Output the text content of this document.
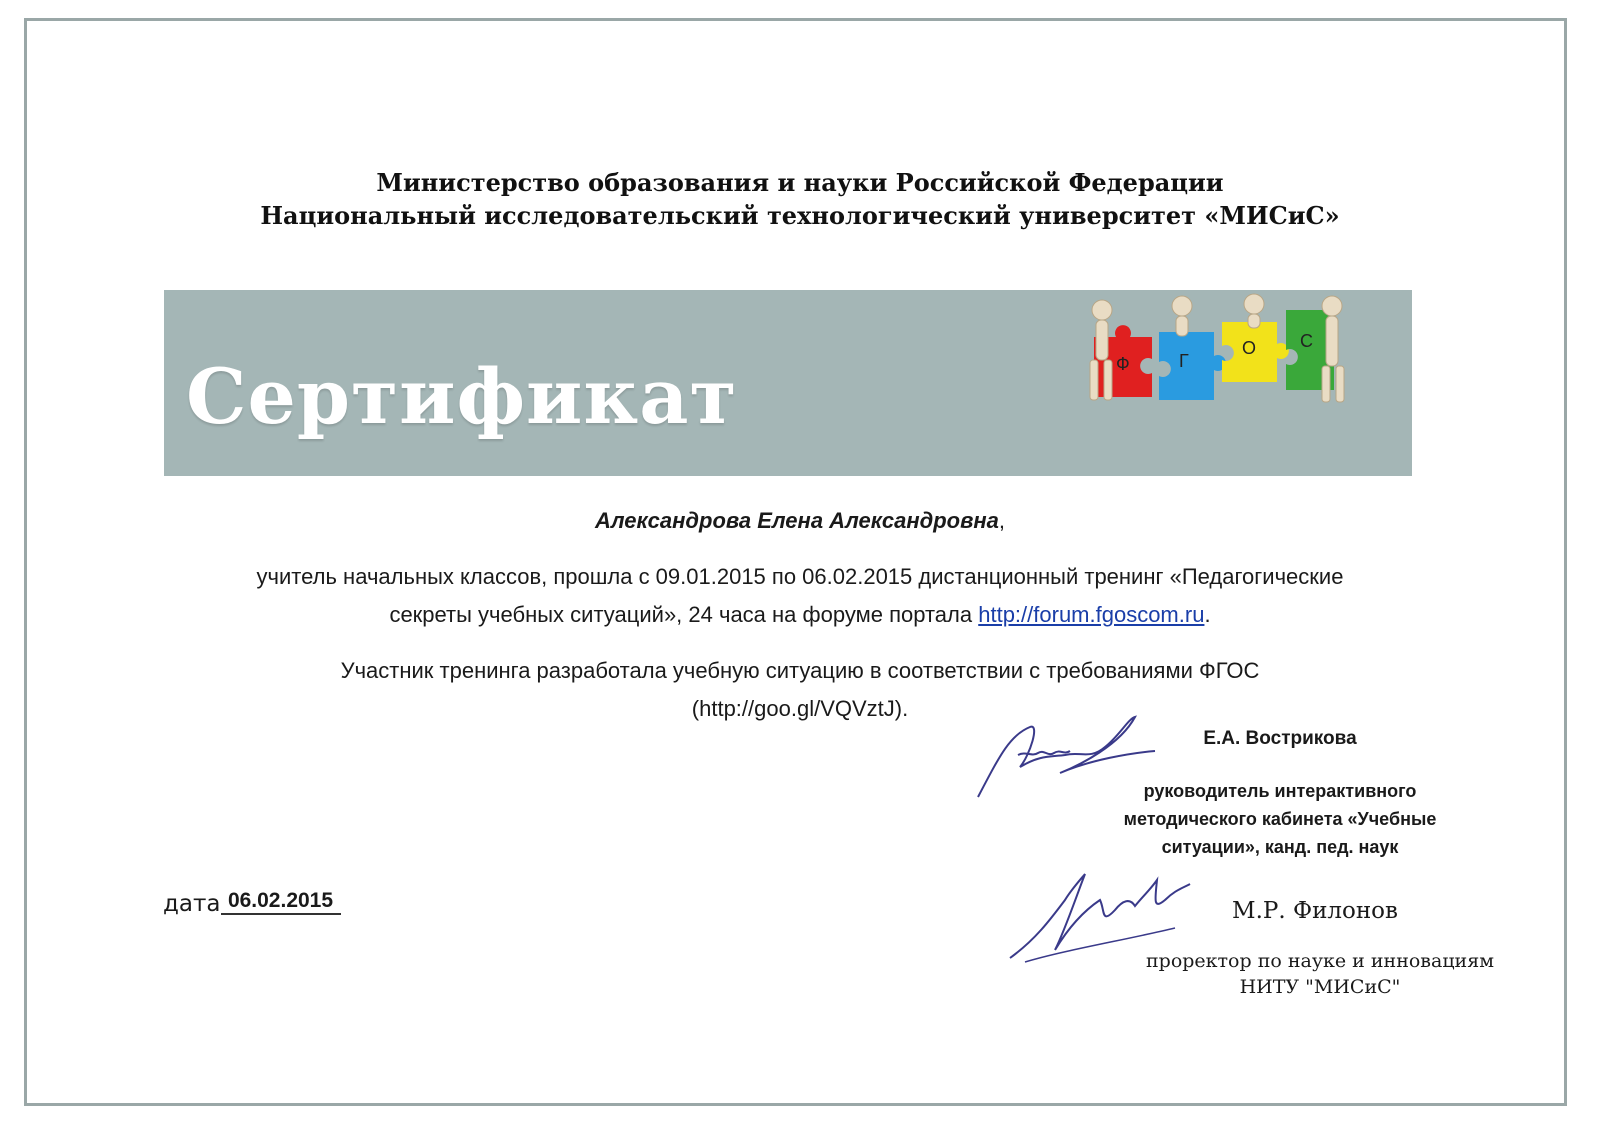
Министерство образования и науки Российской Федерации
Национальный исследовательский технологический университет «МИСиС»
Сертификат	Ф	Г
О С
Александрова Елена Александровна,
учитель начальных классов, прошла с 09.01.2015 по 06.02.2015 дистанционный тренинг «Педагогические
секреты учебных ситуаций», 24 часа на форуме портала http://forum.fgoscom.ru.
Участник тренинга разработала учебную ситуацию в соответствии с требованиями ФГОС
(http://goo.gl/VQVztJ).
Е.А. Вострикова
руководитель интерактивного
методического кабинета «Учебные
ситуации», канд. пед. наук
М.Р. Филонов
проректор по науке и инновациям
НИТУ "МИСиС"
дата 06.02.2015
